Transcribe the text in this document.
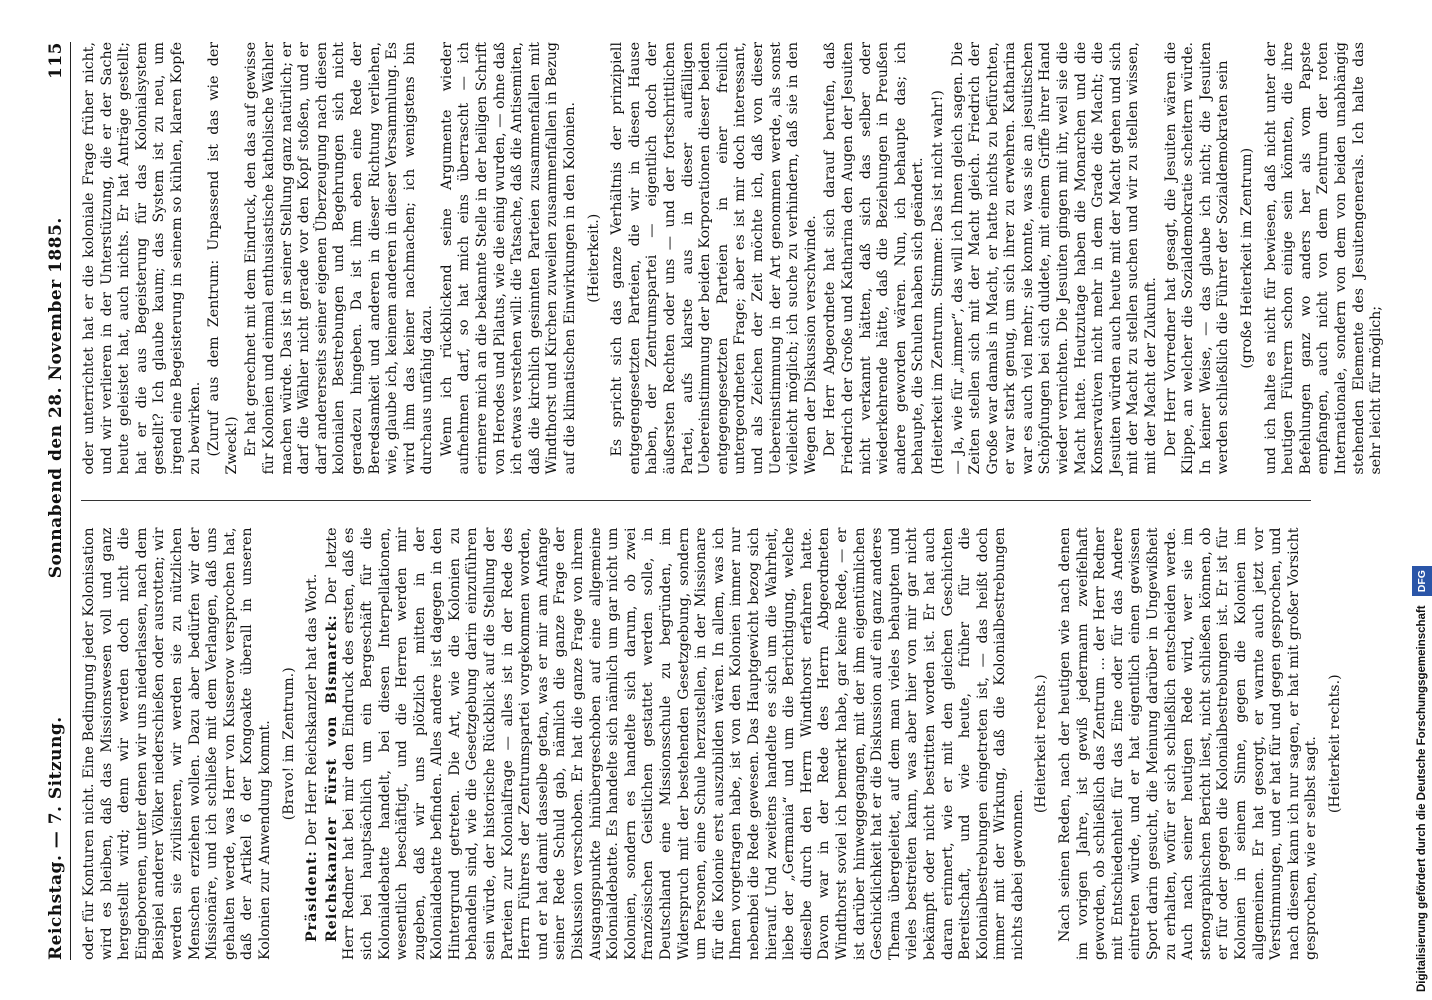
Reichstag. — 7. Sitzung.
Sonnabend den 28. November 1885.
115

oder für Konturen nicht. Eine Bedingung jeder Kolonisation wird es bleiben, daß das Missionswesen voll und ganz hergestellt wird; denn wir werden doch nicht die Eingeborenen, unter denen wir uns niederlassen, nach dem Beispiel anderer Völker niederschießen oder ausrotten; wir werden sie zivilisieren, wir werden sie zu nützlichen Menschen erziehen wollen. Dazu aber bedürfen wir der Missionäre, und ich schließe mit dem Verlangen, daß uns gehalten werde, was Herr von Kusserow versprochen hat, daß der Artikel 6 der Kongoakte überall in unseren Kolonien zur Anwendung kommt. (Bravo! im Zentrum.)

Präsident: Der Herr Reichskanzler hat das Wort. Reichskanzler Fürst von Bismarck: Der letzte Herr Redner hat bei mir den Eindruck des ersten, daß es sich bei hauptsächlich um ein Bergeschäft für die Kolonialdebatte handelt, bei diesen Interpellationen, wesentlich beschäftigt, und die Herren werden mir zugeben, daß wir uns plötzlich mitten in der Kolonialdebatte befinden. Alles andere ist dagegen in den Hintergrund getreten. Die Art, wie die Kolonien zu behandeln sind, wie die Gesetzgebung darin einzuführen sein würde, der historische Rückblick auf die Stellung der Parteien zur Kolonialfrage — alles ist in der Rede des Herrn Führers der Zentrumspartei vorgekommen worden, und er hat damit dasselbe getan, was er mir am Anfange seiner Rede Schuld gab, nämlich die ganze Frage der Diskussion verschoben. Er hat die ganze Frage von ihrem Ausgangspunkte hinübergeschoben auf eine allgemeine Kolonialdebatte. Es handelte sich nämlich um gar nicht um Kolonien, sondern es handelte sich darum, ob zwei französischen Geistlichen gestattet werden solle, in Deutschland eine Missionsschule zu begründen, im Widerspruch mit der bestehenden Gesetzgebung, sondern um Personen, eine Schule herzustellen, in der Missionare für die Kolonie erst auszubilden wären. In allem, was ich Ihnen vorgetragen habe, ist von den Kolonien immer nur nebenbei die Rede gewesen. Das Hauptgewicht bezog sich hierauf. Und zweitens handelte es sich um die Wahrheit, liebe der „Germania“ und um die Berichtigung, welche dieselbe durch den Herrn Windthorst erfahren hatte. Davon war in der Rede des Herrn Abgeordneten Windthorst soviel ich bemerkt habe, gar keine Rede, — er ist darüber hinweggegangen, mit der ihm eigentümlichen Geschicklichkeit hat er die Diskussion auf ein ganz anderes Thema übergeleitet, auf dem man vieles behaupten und vieles bestreiten kann, was aber hier von mir gar nicht bekämpft oder nicht bestritten worden ist. Er hat auch daran erinnert, wie er mit den gleichen Geschichten Bereitschaft, und wie heute, früher für die Kolonialbestrebungen eingetreten ist, — das heißt doch immer mit der Wirkung, daß die Kolonialbestrebungen nichts dabei gewonnen.

(Heiterkeit rechts.) Nach seinen Reden, nach der heutigen wie nach denen im vorigen Jahre, ist gewiß jedermann zweifelhaft geworden, ob schließlich das Zentrum ... der Herr Redner mit Entschiedenheit für das Eine oder für das Andere eintreten würde, und er hat eigentlich einen gewissen Sport darin gesucht, die Meinung darüber in Ungewißheit zu erhalten, wofür er sich schließlich entscheiden werde. Auch nach seiner heutigen Rede wird, wer sie im stenographischen Bericht liest, nicht schließen können, ob er für oder gegen die Kolonialbestrebungen ist. Er ist für Kolonien in seinem Sinne, gegen die Kolonien im allgemeinen. Er hat gesorgt, er warnte auch jetzt vor Verstimmungen, und er hat für und gegen gesprochen, und nach diesem kann ich nur sagen, er hat mit großer Vorsicht gesprochen, wie er selbst sagt. (Heiterkeit rechts.)

oder unterrichtet hat er die koloniale Frage früher nicht, und wir verlieren in der Unterstützung, die er der Sache heute geleistet hat, auch nichts. Er hat Anträge gestellt; hat er die aus Begeisterung für das Kolonialsystem gestellt? Ich glaube kaum; das System ist zu neu, um irgend eine Begeisterung in seinem so kühlen, klaren Kopfe zu bewirken. (Zuruf aus dem Zentrum: Unpassend ist das wie der Zweck!) Er hat gerechnet mit dem Eindruck, den das auf gewisse für Kolonien und einmal enthusiastische katholische Wähler machen würde. Das ist in seiner Stellung ganz natürlich; er darf die Wähler nicht gerade vor den Kopf stoßen, und er darf andererseits seiner eigenen Überzeugung nach diesen kolonialen Bestrebungen und Begehrungen sich nicht geradezu hingeben. Da ist ihm eben eine Rede der Beredsamkeit und anderen in dieser Richtung verliehen, wie, glaube ich, keinem anderen in dieser Versammlung. Es wird ihm das keiner nachmachen; ich wenigstens bin durchaus unfähig dazu. Wenn ich rückblickend seine Argumente wieder aufnehmen darf, so hat mich eins überrascht — ich erinnere mich an die bekannte Stelle in der heiligen Schrift von Herodes und Pilatus, wie die einig wurden, — ohne daß ich etwas verstehen will: die Tatsache, daß die Antisemiten, daß die kirchlich gesinnten Parteien zusammenfallen mit Windthorst und Kirchen zuweilen zusammenfallen in Bezug auf die klimatischen Einwirkungen in den Kolonien. (Heiterkeit.) Es spricht sich das ganze Verhältnis der prinzipiell entgegengesetzten Parteien, die wir in diesen Hause haben, der Zentrumspartei — eigentlich doch der äußersten Rechten oder uns — und der fortschrittlichen Partei, aufs klarste aus in dieser auffälligen Uebereinstimmung der beiden Korporationen dieser beiden entgegengesetzten Parteien in einer freilich untergeordneten Frage; aber es ist mir doch interessant, und als Zeichen der Zeit möchte ich, daß von dieser Uebereinstimmung in der Art genommen werde, als sonst vielleicht möglich; ich suche zu verhindern, daß sie in den Wegen der Diskussion verschwinde. Der Herr Abgeordnete hat sich darauf berufen, daß Friedrich der Große und Katharina den Augen der Jesuiten nicht verkannt hätten, daß sich das selber oder wiederkehrende hätte, daß die Beziehungen in Preußen andere geworden wären. Nun, ich behaupte das; ich behaupte, die Schulen haben sich geändert. (Heiterkeit im Zentrum. Stimme: Das ist nicht wahr!) — Ja, wie für „immer“, das will ich Ihnen gleich sagen. Die Zeiten stellen sich mit der Macht gleich. Friedrich der Große war damals in Macht, er hatte nichts zu befürchten, er war stark genug, um sich ihrer zu erwehren. Katharina war es auch viel mehr; sie konnte, was sie an jesuitischen Schöpfungen bei sich duldete, mit einem Griffe ihrer Hand wieder vernichten. Die Jesuiten gingen mit ihr, weil sie die Macht hatte. Heutzutage haben die Monarchen und die Konservativen nicht mehr in dem Grade die Macht; die Jesuiten würden auch heute mit der Macht gehen und sich mit der Macht zu stellen suchen und wir zu stellen wissen, mit der Macht der Zukunft. Der Herr Vorredner hat gesagt, die Jesuiten wären die Klippe, an welcher die Sozialdemokratie scheitern würde. In keiner Weise, — das glaube ich nicht; die Jesuiten werden schließlich die Führer der Sozialdemokraten sein (große Heiterkeit im Zentrum) und ich halte es nicht für bewiesen, daß nicht unter der heutigen Führern schon einige sein könnten, die ihre Befehlungen ganz wo anders her als vom Papste empfangen, auch nicht von dem Zentrum der roten Internationale, sondern von dem von beiden unabhängig stehenden Elemente des Jesuitengenerals. Ich halte das sehr leicht für möglich;

Digitalisierung gefördert durch die Deutsche Forschungsgemeinschaft DFG
